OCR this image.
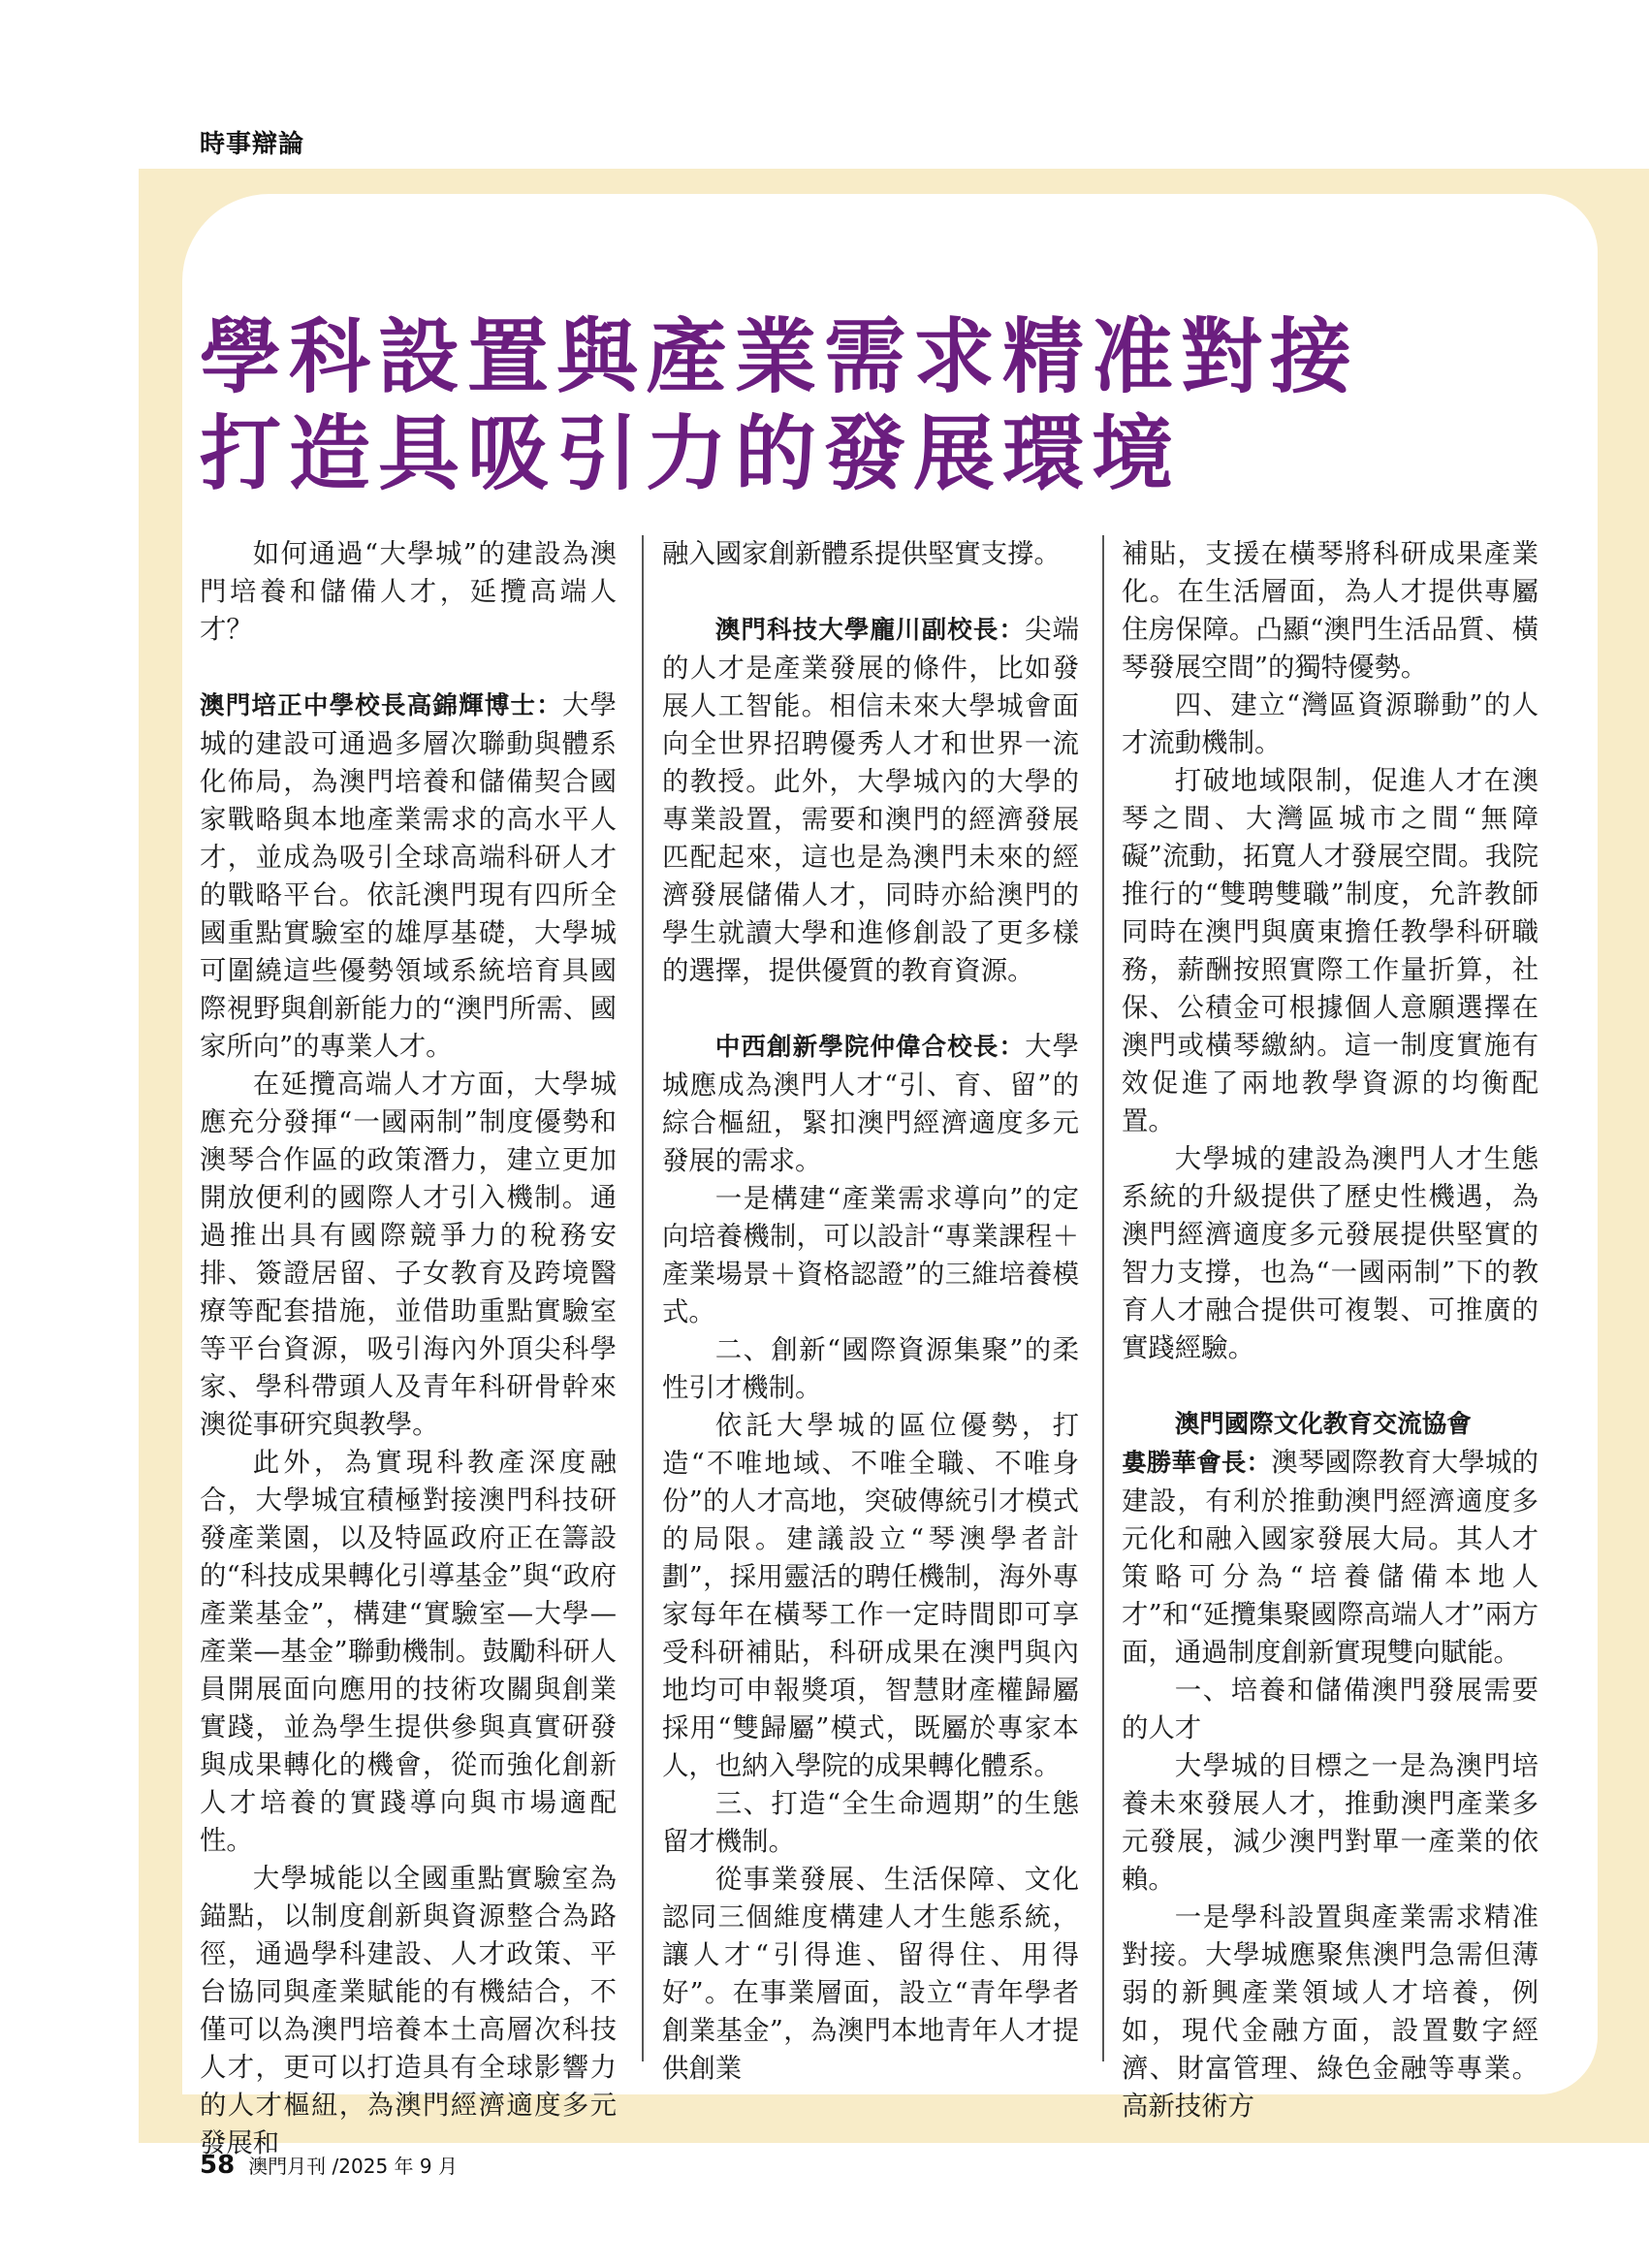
時事辯論
學科設置與產業需求精准對接
打造具吸引力的發展環境

如何通過“大學城”的建設為澳門培養和儲備人才，延攬高端人才？

澳門培正中學校長高錦輝博士：大學城的建設可通過多層次聯動與體系化佈局，為澳門培養和儲備契合國家戰略與本地產業需求的高水平人才，並成為吸引全球高端科研人才的戰略平台。依託澳門現有四所全國重點實驗室的雄厚基礎，大學城可圍繞這些優勢領域系統培育具國際視野與創新能力的“澳門所需、國家所向”的專業人才。

在延攬高端人才方面，大學城應充分發揮“一國兩制”制度優勢和澳琴合作區的政策潛力，建立更加開放便利的國際人才引入機制。通過推出具有國際競爭力的稅務安排、簽證居留、子女教育及跨境醫療等配套措施，並借助重點實驗室等平台資源，吸引海內外頂尖科學家、學科帶頭人及青年科研骨幹來澳從事研究與教學。

此外，為實現科教產深度融合，大學城宜積極對接澳門科技研發產業園，以及特區政府正在籌設的“科技成果轉化引導基金”與“政府產業基金”，構建“實驗室—大學—產業—基金”聯動機制。鼓勵科研人員開展面向應用的技術攻關與創業實踐，並為學生提供參與真實研發與成果轉化的機會，從而強化創新人才培養的實踐導向與市場適配性。

大學城能以全國重點實驗室為錨點，以制度創新與資源整合為路徑，通過學科建設、人才政策、平台協同與產業賦能的有機結合，不僅可以為澳門培養本土高層次科技人才，更可以打造具有全球影響力的人才樞紐，為澳門經濟適度多元發展和

融入國家創新體系提供堅實支撐。

澳門科技大學龐川副校長：尖端的人才是產業發展的條件，比如發展人工智能。相信未來大學城會面向全世界招聘優秀人才和世界一流的教授。此外，大學城內的大學的專業設置，需要和澳門的經濟發展匹配起來，這也是為澳門未來的經濟發展儲備人才，同時亦給澳門的學生就讀大學和進修創設了更多樣的選擇，提供優質的教育資源。

中西創新學院仲偉合校長：大學城應成為澳門人才“引、育、留”的綜合樞紐，緊扣澳門經濟適度多元發展的需求。

一是構建“產業需求導向”的定向培養機制，可以設計“專業課程＋產業場景＋資格認證”的三維培養模式。

二、創新“國際資源集聚”的柔性引才機制。

依託大學城的區位優勢，打造“不唯地域、不唯全職、不唯身份”的人才高地，突破傳統引才模式的局限。建議設立“琴澳學者計劃”，採用靈活的聘任機制，海外專家每年在橫琴工作一定時間即可享受科研補貼，科研成果在澳門與內地均可申報獎項，智慧財產權歸屬採用“雙歸屬”模式，既屬於專家本人，也納入學院的成果轉化體系。

三、打造“全生命週期”的生態留才機制。

從事業發展、生活保障、文化認同三個維度構建人才生態系統，讓人才“引得進、留得住、用得好”。在事業層面，設立“青年學者創業基金”，為澳門本地青年人才提供創業

補貼，支援在橫琴將科研成果產業化。在生活層面，為人才提供專屬住房保障。凸顯“澳門生活品質、橫琴發展空間”的獨特優勢。

四、建立“灣區資源聯動”的人才流動機制。

打破地域限制，促進人才在澳琴之間、大灣區城市之間“無障礙”流動，拓寬人才發展空間。我院推行的“雙聘雙職”制度，允許教師同時在澳門與廣東擔任教學科研職務，薪酬按照實際工作量折算，社保、公積金可根據個人意願選擇在澳門或橫琴繳納。這一制度實施有效促進了兩地教學資源的均衡配置。

大學城的建設為澳門人才生態系統的升級提供了歷史性機遇，為澳門經濟適度多元發展提供堅實的智力支撐，也為“一國兩制”下的教育人才融合提供可複製、可推廣的實踐經驗。

澳門國際文化教育交流協會
婁勝華會長：澳琴國際教育大學城的建設，有利於推動澳門經濟適度多元化和融入國家發展大局。其人才策略可分為“培養儲備本地人才”和“延攬集聚國際高端人才”兩方面，通過制度創新實現雙向賦能。

一、培養和儲備澳門發展需要的人才

大學城的目標之一是為澳門培養未來發展人才，推動澳門產業多元發展，減少澳門對單一產業的依賴。

一是學科設置與產業需求精准對接。大學城應聚焦澳門急需但薄弱的新興產業領域人才培養，例如，現代金融方面，設置數字經濟、財富管理、綠色金融等專業。高新技術方

58 澳門月刊 /2025 年 9 月
